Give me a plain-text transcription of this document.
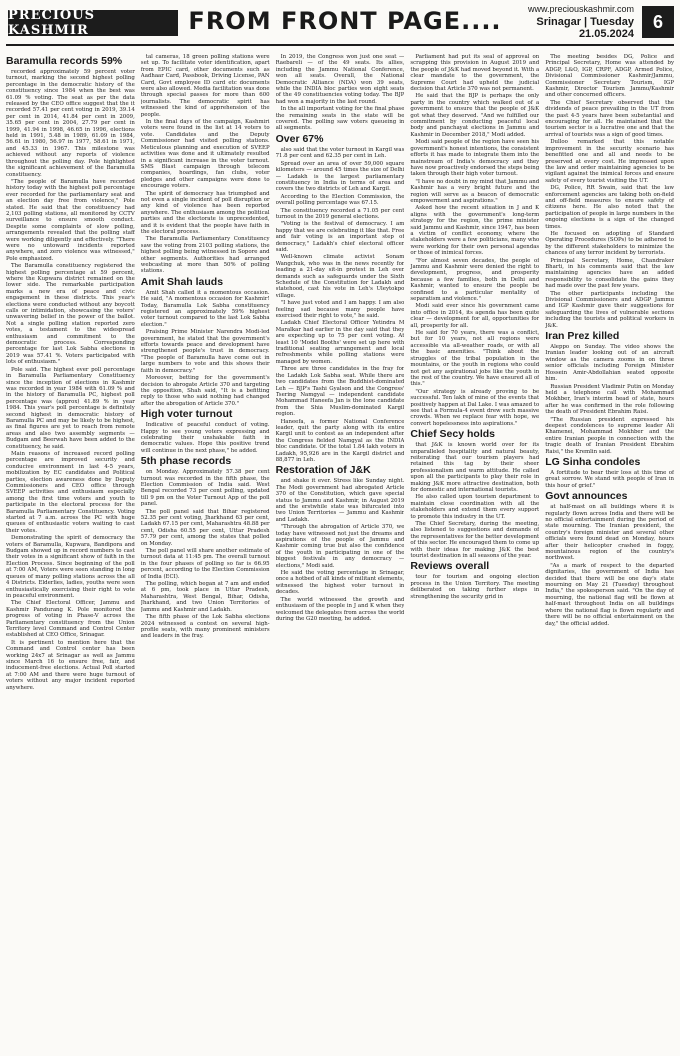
PRECIOUS KASHMIR	FROM FRONT PAGE....	www.preciouskashmir.com
Srinagar | Tuesday
21.05.2024
6
Baramulla records 59%

recorded approximately 59 percent voter turnout, marking the second highest polling percentage in the democratic history of the constituency since 1984 when the best was 61.09 % voting. The seat as per the data released by the CEO office suggest that the it recorded 57.41 per cent voting in 2019, 39.14 per cent in 2014, 41.84 per cent in 2009, 35.65 per cent in 2004, 27.79 per cent in 1999, 41.94 in 1998, 46.65 in 1996, elections held in 1991, 5.48 in 1989, 61.09 in 1984, 56.61 in 1980, 56.97 in 1977, 58.61 in 1971, and 45.33 in 1967. This milestone was achieved without any reports of violence throughout the polling day. Pole highlighted the significant achievement of the Baramulla constituency.

"The people of Baramulla have recorded history today with the highest poll percentage ever recorded for the parliamentary seat and an election day free from violence," Pole stated. He said that the constituency had 2,103 polling stations, all monitored by CCTV surveillance to ensure smooth conduct. Despite some complaints of slow polling, arrangements revealed that the polling staff were working diligently and effectively. "There were no untoward incidents reported anywhere, and zero violence was witnessed," Pole emphasized.

The Baramulla constituency registered the highest polling percentage at 59 percent, where the Kupwara district remained on the lower side. The remarkable participation marks a new era of peace and civic engagement in these districts. This year's elections were conducted without any boycott calls or intimidation, showcasing the voters' unwavering belief in the power of the ballot. Not a single polling station reported zero votes, a testament to the widespread enthusiasm and commitment to the democratic process. Corresponding percentage for last Lok Sabha elections in 2019 was 57.41 %. Voters participated with lots of enthusiasm."

Pole said. The highest ever poll percentage in Baramulla Parliamentary Constituency since the inception of elections in Kashmir was recorded in year 1984 with 61.09 % and in the history of Baramulla PC, highest poll percentage was (approx) 41.89 % in year 1984. This year's poll percentage is definitely second highest in democratic history of Baramulla PC and may be likely to be highest, as final figures are yet to reach from remote areas and also two assembly segments — Budgam and Beerwah have been added to the constituency, he said.

Main reasons of increased record polling percentage are improved security and conducive environment in last 4-5 years, mobilization by EC candidates and Political parties, election awareness done by Deputy Commissioners and CEO office through SVEEP activities and enthusiasm especially among the first time voters and youth to participate in the electoral process for the Baramulla Parliamentary Constituency. Voting started at 7 a.m. across the PC with huge queues of enthusiastic voters waiting to cast their votes.

Demonstrating the spirit of democracy the voters of Baramulla, Kupwara, Bandipora and Budgam showed up in record numbers to cast their votes in a significant show of faith in the Election Process. Since beginning of the poll at 7:00 AM, Voters were seen standing in long queues of many polling stations across the all 4 Districts. Elderlies, ladies, youths were seen enthusiastically exercising their right to vote in peaceful environment.

The Chief Electoral Officer, Jammu and Kashmir Pandurang K. Pole monitored the progress of voting in Phase-V across the Parliamentary constituency from the Union Territory level Command and Control Center established at CEO Office, Srinagar.

It is pertinent to mention here that the Command and Control center has been working 24x7 at Srinagar as well as Jammu since March 16 to ensure free, fair, and inducement-free elections. Actual Poll started at 7:00 AM and there were huge turnout of voters without any major incident reported anywhere.

tal cameras, 18 green polling stations were set up. To facilitate voter identification, apart from EPIC card, other documents such as Aadhaar Card, Passbook, Driving License, PAN Card, Govt employee ID card etc documents were also allowed. Media facilitation was done through special passes for more than 600 journalists. The democratic spirit has witnessed the kind of apprehension of the people.

In the final days of the campaign, Kashmiri voters were found in the list at 14 voters to vote. Candidates and the Deputy Commissioner had visited polling stations. Meticulous planning and execution of SVEEP activities was done and it ultimately resulted in a significant increase in the voter turnout. SMS Blast campaign through telecom companies, hoardings, fan clubs, voter pledges and other campaigns were done to encourage voters.

The spirit of democracy has triumphed and not even a single incident of poll disruption or any kind of violence has been reported anywhere. The enthusiasm among the political parties and the electorate is unprecedented, and it is evident that the people have faith in the electoral process.

The Baramulla Parliamentary Constituency saw the voting from 2103 polling stations, the highest polling being witnessed in Sopore and other segments. Authorities had arranged webcasting at more than 50% of polling stations.

Amit Shah lauds

Amit Shah called it a momentous occasion. He said, "A momentous occasion for Kashmir! Today, Baramulla Lok Sabha constituency registered an approximately 59% highest voter turnout compared to the last Lok Sabha election."

Praising Prime Minister Narendra Modi-led government, he stated that the government's efforts towards peace and development have strengthened people's trust in democracy. "The people of Baramulla have come out in large numbers to vote and this shows their faith in democracy."

Moreover, betting for the government's decision to abrogate Article 370 and targeting the opposition, Shah said, "It is a befitting reply to those who said nothing had changed after the abrogation of Article 370."

High voter turnout

Indicative of peaceful conduct of voting. Happy to see young voters expressing and celebrating their unshakable faith in democratic values. Hope this positive trend will continue in the next phase," he added.

5th phase records

on Monday. Approximately 57.38 per cent turnout was recorded in the fifth phase, the Election Commission of India said. West Bengal recorded 73 per cent polling, updated till 9 pm on the Voter Turnout App of the poll panel.

The poll panel said that Bihar registered 52.35 per cent voting, Jharkhand 63 per cent, Ladakh 67.15 per cent, Maharashtra 48.88 per cent, Odisha 60.55 per cent, Uttar Pradesh 57.79 per cent, among the states that polled on Monday.

The poll panel will share another estimate of turnout data at 11:45 pm. The overall turnout in the four phases of polling so far is 66.95 percent, according to the Election Commission of India (ECI).

The polling, which began at 7 am and ended at 6 pm, took place in Uttar Pradesh, Maharashtra, West Bengal, Bihar, Odisha, Jharkhand, and two Union Territories of Jammu and Kashmir and Ladakh.

The fifth phase of the Lok Sabha elections 2024 witnessed a contest on several high-profile seats, with many prominent ministers and leaders in the fray.

In 2019, the Congress won just one seat — Raebareli — of the 49 seats. Its allies, including the Jammu National Conference, won all seats. Overall, the National Democratic Alliance (NDA) won 39 seats, while the INDIA bloc parties won eight seats of the 49 constituencies voting today. The BJP had won a majority in the last round.

In the all important voting for the final phase the remaining seats in the state will be covered. The polling saw voters queueing in all segments.

Over 67%

also said that the voter turnout in Kargil was 71.8 per cent and 62.35 per cent in Leh.

Spread over an area of over 59,000 square kilometers — around 45 times the size of Delhi — Ladakh is the largest parliamentary constituency in India in terms of area and covers the two districts of Leh and Kargil.

According to the Election Commission, the overall polling percentage was 67.15.

The constituency recorded a 71.05 per cent turnout in the 2019 general elections.

"Voting is the festival of democracy. I am happy that we are celebrating it like that. Free and fair voting is an important step of democracy," Ladakh's chief electoral officer said.

Well-known climate activist Sonam Wangchuk, who was in the news recently for leading a 21-day sit-in protest in Leh over demands such as safeguards under the Sixth Schedule of the Constitution for Ladakh and statehood, cast his vote in Leh's Uleytokpo village.

"I have just voted and I am happy. I am also feeling sad because many people have exercised their right to vote," he said.

Ladakh Chief Electoral Officer Yetindra M Maralkar had earlier in the day said that they are expecting up to 75 per cent voting. At least 10 'Model Booths' were set up here with traditional seating arrangement and local refreshments while polling stations were managed by women.

Three are three candidates in the fray for the Ladakh Lok Sabha seat. While there are two candidates from the Buddhist-dominated Leh — BJP's Tashi Gyalson and the Congress' Tsering Namgyal — independent candidate Mohammad Haneefa Jan is the lone candidate from the Shia Muslim-dominated Kargil region.

Haneefa, a former National Conference leader, quit the party along with its entire Kargil unit to contest as an independent after the Congress fielded Namgyal as the INDIA bloc candidate. Of the total 1.84 lakh voters in Ladakh, 95,926 are in the Kargil district and 88,877 in Leh.

Restoration of J&K

and shake it ever. Stress like Sunday night. The Modi government had abrogated Article 370 of the Constitution, which gave special status to Jammu and Kashmir, in August 2019 and the erstwhile state was bifurcated into two Union Territories — Jammu and Kashmir and Ladakh.

"Through the abrogation of Article 370, we today have witnessed not just the dreams and aspirations of the people of Jammu and Kashmir coming true but also the confidence of the youth in participating in one of the biggest festivals in any democracy — elections," Modi said.

He said the voting percentage in Srinagar, once a hotbed of all kinds of militant elements, witnessed the highest voter turnout in decades.

The world witnessed the growth and enthusiasm of the people in J and K when they welcomed the delegates from across the world during the G20 meeting, he added.

Parliament had put its seal of approval on scrapping this provision in August 2019 and the people of J&K had moved beyond it. With a clear mandate to the government, the Supreme Court had upheld the judicial decision that Article 370 was not permanent.

He said that the BJP is perhaps the only party in the country which walked out of a government to ensure that the people of J&K got what they deserved. "And we fulfilled our commitment by conducting peaceful local body and panchayat elections in Jammu and Kashmir in December 2018," Modi added.

Modi said people of the region have seen his government's honest intentions, the consistent efforts it has made to integrate them into the mainstream of India's democracy and they have now proactively endorsed the steps being taken through their high voter turnout.

"I have no doubt in my mind that Jammu and Kashmir has a very bright future and the region will serve as a beacon of democratic empowerment and aspirations."

Asked how the recent situation in J and K aligns with the government's long-term strategy for the region, the prime minister said Jammu and Kashmir, since 1947, has been a victim of conflict economy, where the stakeholders were a few politicians, many who were working for their own personal agendas or those of inimical forces.

"For almost seven decades, the people of Jammu and Kashmir were denied the right to development, progress, and prosperity because a few families, both in Delhi and Kashmir, wanted to ensure the people be confined to a particular mentality of separatism and violence."

Modi said ever since his government came into office in 2014, its agenda has been quite clear — development for all, opportunities for all, prosperity for all.

He said for 70 years, there was a conflict, but for 10 years, not all regions were accessible via all-weather roads, or with all the basic amenities. "Think about the struggles of the tribal population in the mountains, or the youth in regions who could not get any aspirational jobs like the youth in the rest of the country. We have ensured all of this."

"Our strategy is already proving to be successful. Ten lakh of mine of the events that positively happen at Dal Lake. I was amazed to see that a Formula-4 event drew such massive crowds. When we replace fear with hope, we convert hopelessness into aspirations."

Chief Secy holds

that J&K is known world over for its unparalleled hospitality and natural beauty, reiterating that our tourism players had retained this tag by their sheer professionalism and warm attitude. He called upon all the participants to play their role in making J&K more attractive destination, both for domestic and international tourists.

He also called upon tourism department to maintain close coordination with all the stakeholders and extend them every support to promote this industry in the UT.

The Chief Secretary, during the meeting, also listened to suggestions and demands of the representatives for the better development of this sector. He encouraged them to come up with their ideas for making J&K the best tourist destination in all seasons of the year.

Reviews overall

tour for tourism and ongoing election process in the Union Territory. The meeting deliberated on taking further steps in strengthening the security grid in

The meeting besides DG, Police and Principal Secretary, Home was attended by ADGP, L&O, IGP, CRPF, ADGP, Armed Police, Divisional Commissioner Kashmir/Jammu, Commissioner Secretary Tourism, IGP Kashmir, Director Tourism Jammu/Kashmir and other concerned officers.

The Chief Secretary observed that the dividends of peace prevailing in the UT from the past 4-5 years have been substantial and encouraging for all. He maintained that the tourism sector is a lucrative one and that the arrival of tourists was a sign of good times.

Dulloo remarked that this notable improvement in the security scenario has benefitted one and all and needs to be preserved at every cost. He impressed upon the law and order maintaining agencies to be vigilant against the inimical forces and ensure safety of every tourist visiting the UT.

DG, Police, RR Swain, said that the law enforcement agencies are taking both on-field and off-field measures to ensure safety of citizens here. He also noted that the participation of people in large numbers in the ongoing elections is a sign of the changed times.

He focused on adopting of Standard Operating Procedures (SOPs) to be adhered to by the different stakeholders to minimize the chances of any terror incident by terrorists.

Principal Secretary, Home, Chandraker Bharti, in his comments said that the law maintaining agencies have an added responsibility to consolidate the gains they had made over the past few years.

The other participants including the Divisional Commissioners and ADGP Jammu and IGP Kashmir gave their suggestions for safeguarding the lives of vulnerable sections including the tourists and political workers in J&K.

Iran Prez killed

Aleppo on Sunday. The video shows the Iranian leader looking out of an aircraft window as the camera zooms in on three senior officials including Foreign Minister Hossein Amir-Abdollahian seated opposite him.

Russian President Vladimir Putin on Monday held a telephone call with Mohammad Mokhber, Iran's interim head of state, hours after he was confirmed in the role following the death of President Ebrahim Raisi.

"The Russian president expressed his deepest condolences to supreme leader Ali Khamenei, Mohammad Mokhber and the entire Iranian people in connection with the tragic death of Iranian President Ebrahim Raisi," the Kremlin said.

LG Sinha condoles

A fortitude to bear their loss at this time of great sorrow. We stand with people of Iran in this hour of grief."

Govt announces

at half-mast on all buildings where it is regularly flown across India and there will be no official entertainment during the period of state mourning. The Iranian president, the country's foreign minister and several other officials were found dead on Monday, hours after their helicopter crashed in foggy, mountainous region of the country's northwest.

"As a mark of respect to the departed dignitaries, the government of India has decided that there will be one day's state mourning on May 21 (Tuesday) throughout India," the spokesperson said. "On the day of mourning, the national flag will be flown at half-mast throughout India on all buildings where the national flag is flown regularly and there will be no official entertainment on the day," the official added.
